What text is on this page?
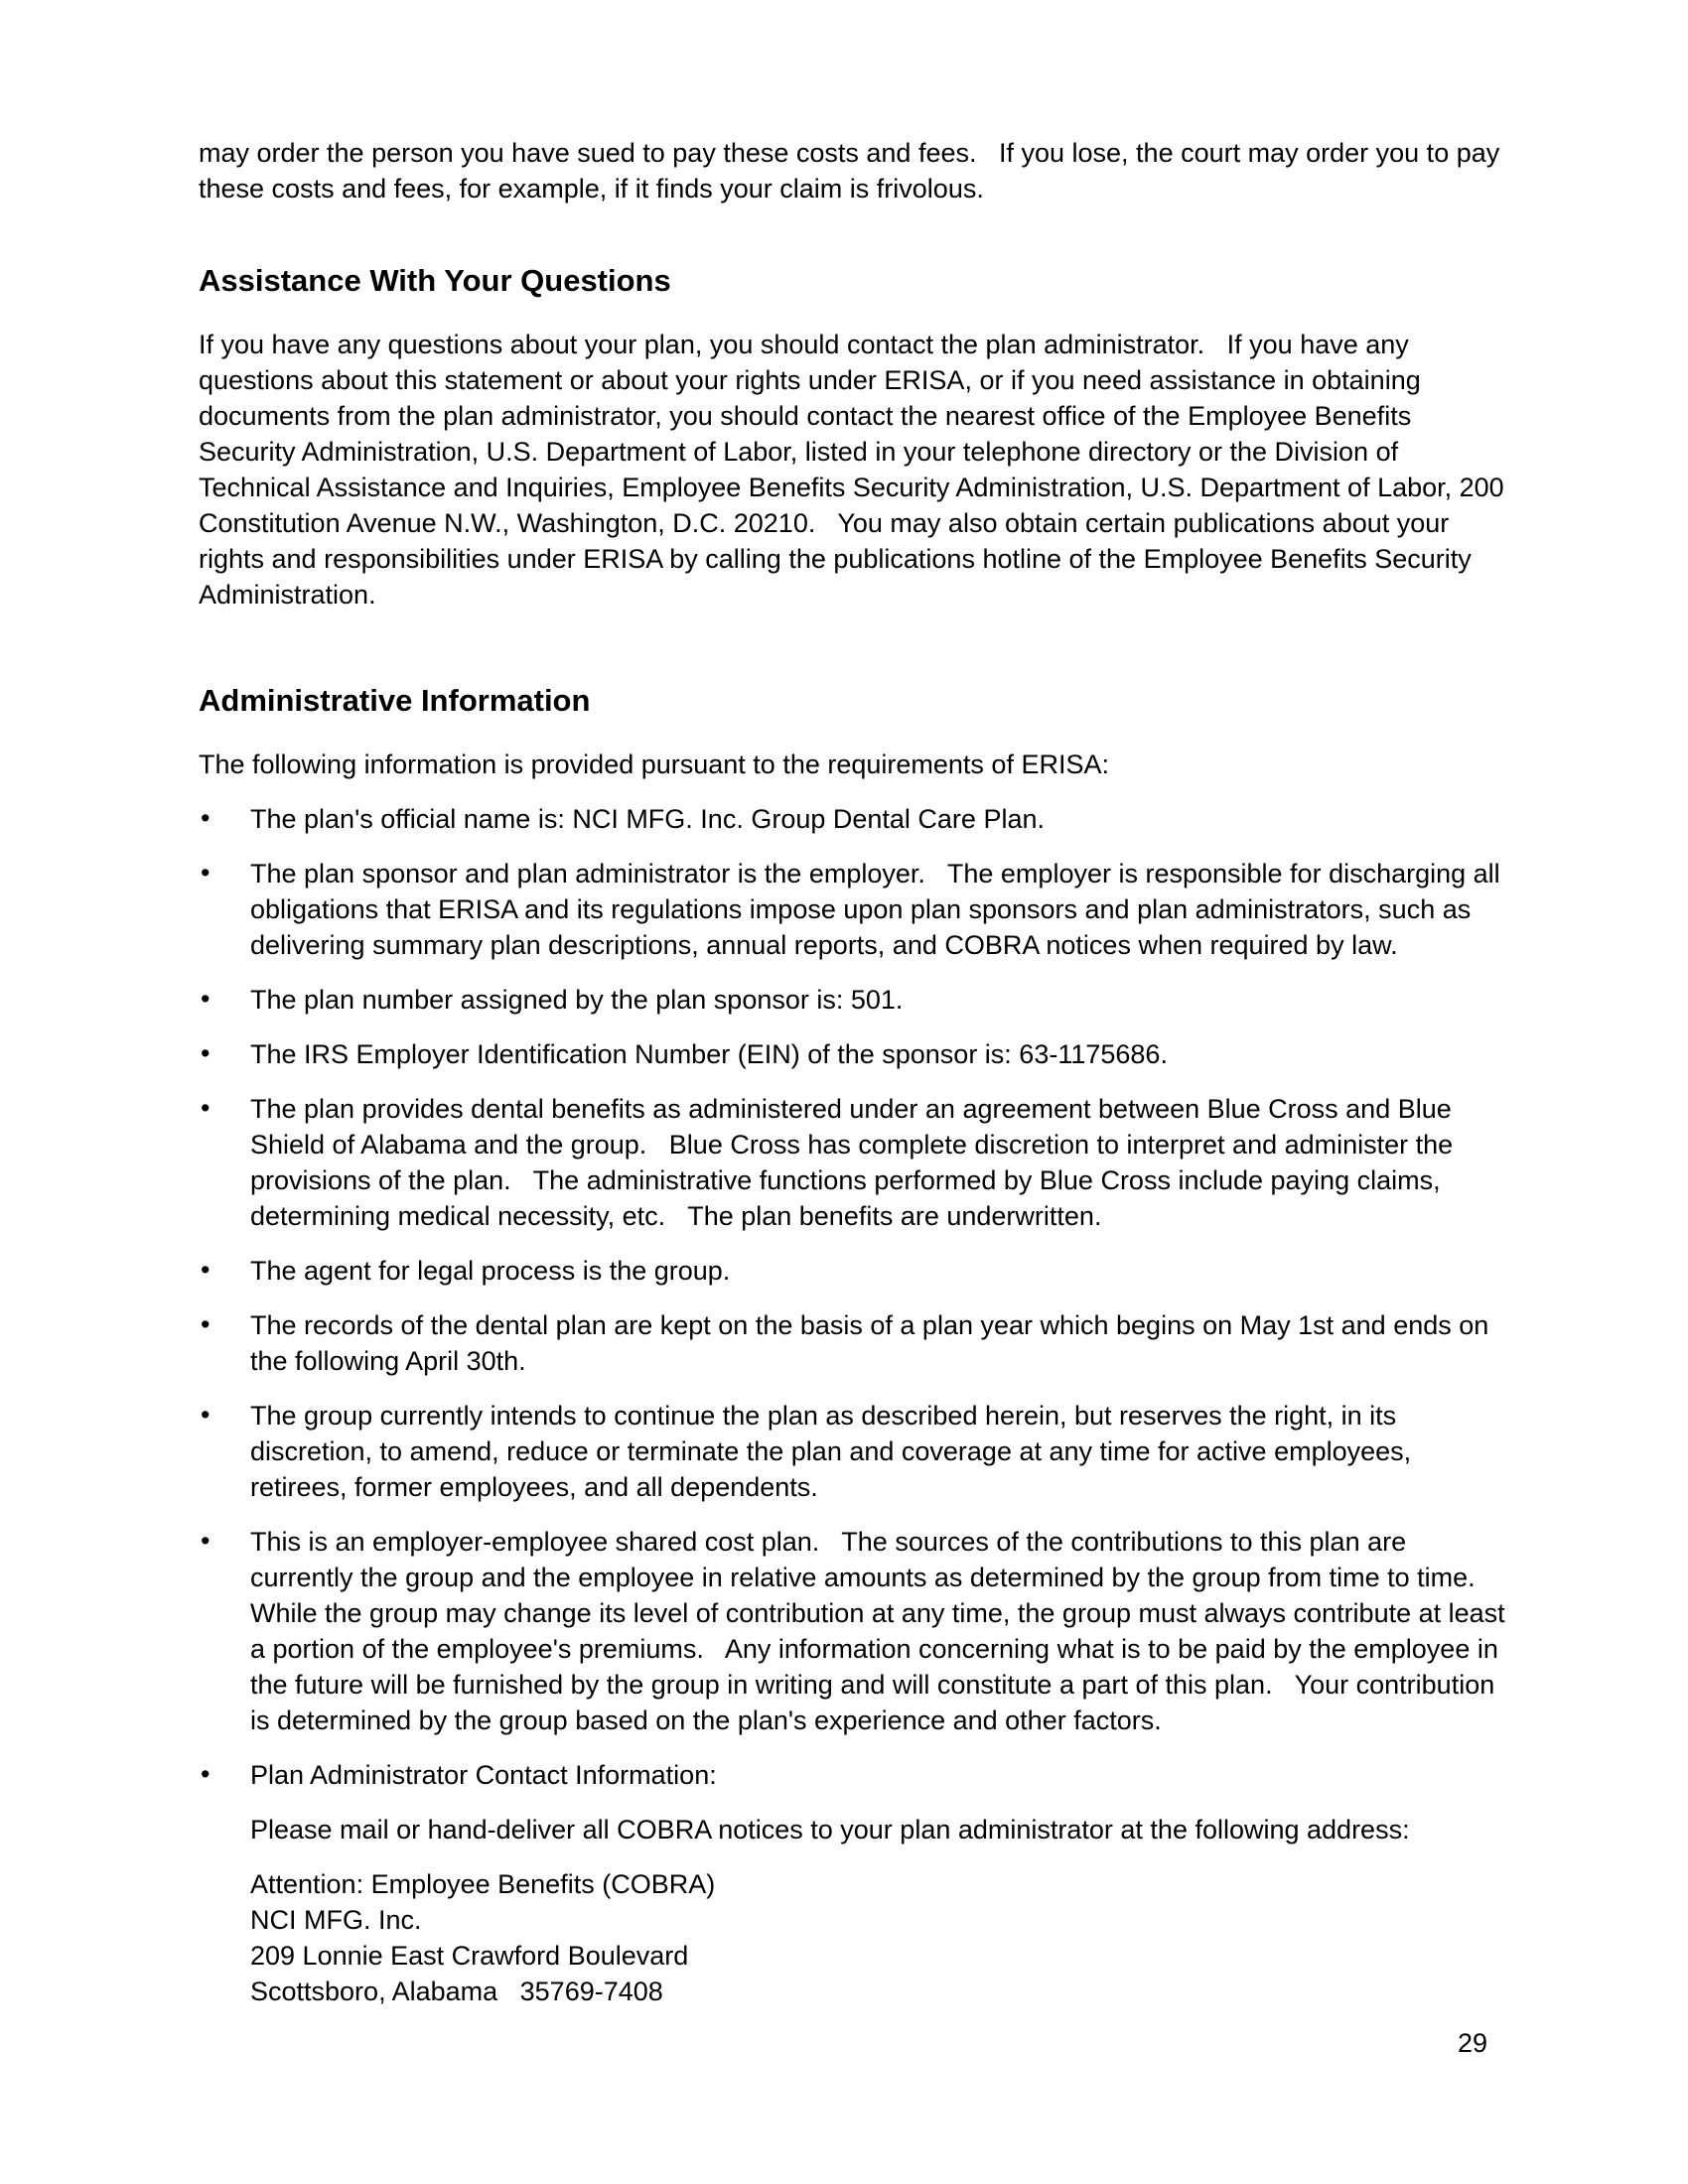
may order the person you have sued to pay these costs and fees.   If you lose, the court may order you to pay these costs and fees, for example, if it finds your claim is frivolous.

Assistance With Your Questions

If you have any questions about your plan, you should contact the plan administrator.   If you have any questions about this statement or about your rights under ERISA, or if you need assistance in obtaining documents from the plan administrator, you should contact the nearest office of the Employee Benefits Security Administration, U.S. Department of Labor, listed in your telephone directory or the Division of Technical Assistance and Inquiries, Employee Benefits Security Administration, U.S. Department of Labor, 200 Constitution Avenue N.W., Washington, D.C. 20210.   You may also obtain certain publications about your rights and responsibilities under ERISA by calling the publications hotline of the Employee Benefits Security Administration.

Administrative Information

The following information is provided pursuant to the requirements of ERISA:

• The plan's official name is: NCI MFG. Inc. Group Dental Care Plan.
• The plan sponsor and plan administrator is the employer.   The employer is responsible for discharging all obligations that ERISA and its regulations impose upon plan sponsors and plan administrators, such as delivering summary plan descriptions, annual reports, and COBRA notices when required by law.
• The plan number assigned by the plan sponsor is: 501.
• The IRS Employer Identification Number (EIN) of the sponsor is: 63-1175686.
• The plan provides dental benefits as administered under an agreement between Blue Cross and Blue Shield of Alabama and the group.   Blue Cross has complete discretion to interpret and administer the provisions of the plan.   The administrative functions performed by Blue Cross include paying claims, determining medical necessity, etc.   The plan benefits are underwritten.
• The agent for legal process is the group.
• The records of the dental plan are kept on the basis of a plan year which begins on May 1st and ends on the following April 30th.
• The group currently intends to continue the plan as described herein, but reserves the right, in its discretion, to amend, reduce or terminate the plan and coverage at any time for active employees, retirees, former employees, and all dependents.
• This is an employer-employee shared cost plan.   The sources of the contributions to this plan are currently the group and the employee in relative amounts as determined by the group from time to time.   While the group may change its level of contribution at any time, the group must always contribute at least a portion of the employee's premiums.   Any information concerning what is to be paid by the employee in the future will be furnished by the group in writing and will constitute a part of this plan.   Your contribution is determined by the group based on the plan's experience and other factors.
• Plan Administrator Contact Information:
Please mail or hand-deliver all COBRA notices to your plan administrator at the following address:
Attention: Employee Benefits (COBRA)
NCI MFG. Inc.
209 Lonnie East Crawford Boulevard
Scottsboro, Alabama   35769-7408
29
